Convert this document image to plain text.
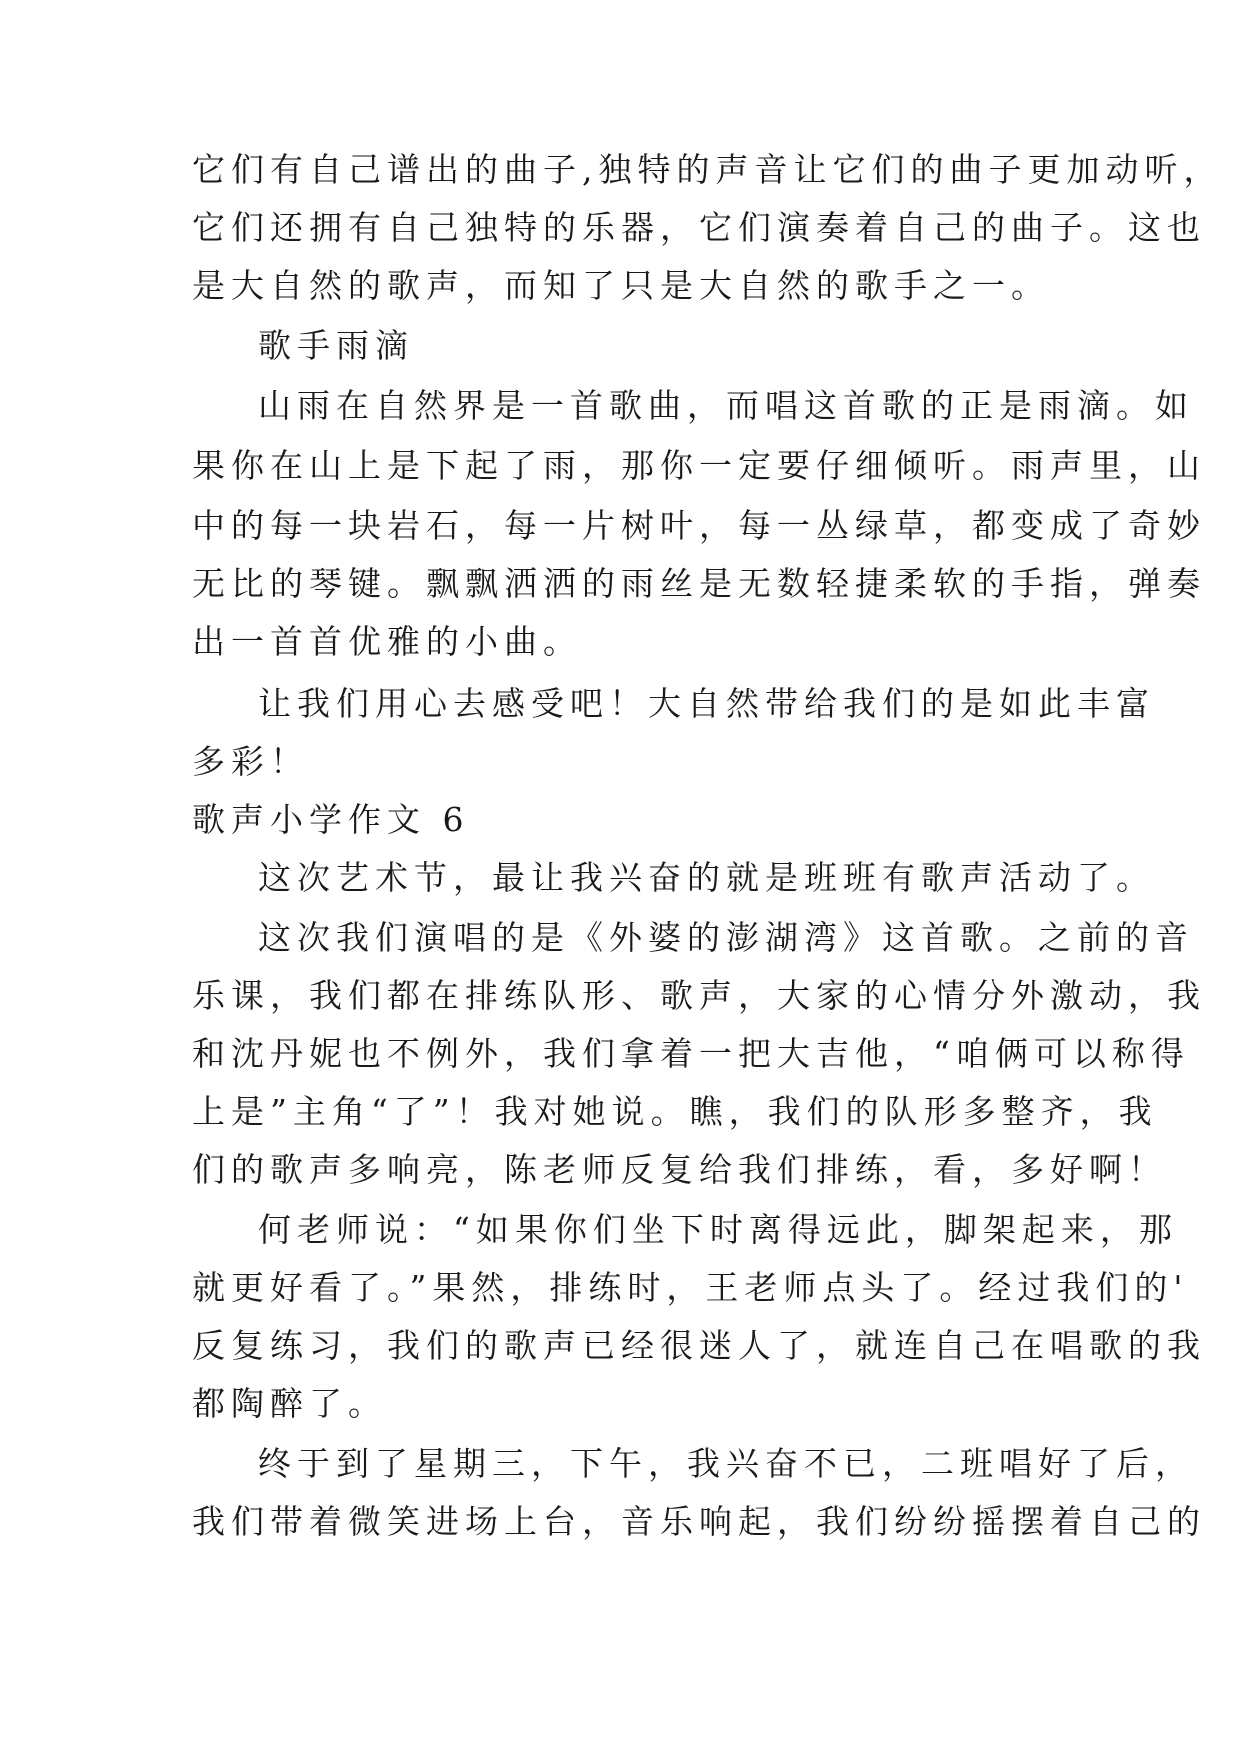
它们有自己谱出的曲子,独特的声音让它们的曲子更加动听，
它们还拥有自己独特的乐器，它们演奏着自己的曲子。这也
是大自然的歌声，而知了只是大自然的歌手之一。
歌手雨滴
山雨在自然界是一首歌曲，而唱这首歌的正是雨滴。如
果你在山上是下起了雨，那你一定要仔细倾听。雨声里，山
中的每一块岩石，每一片树叶，每一丛绿草，都变成了奇妙
无比的琴键。飘飘洒洒的雨丝是无数轻捷柔软的手指，弹奏
出一首首优雅的小曲。
让我们用心去感受吧！大自然带给我们的是如此丰富
多彩！
歌声小学作文 6
这次艺术节，最让我兴奋的就是班班有歌声活动了。
这次我们演唱的是《外婆的澎湖湾》这首歌。之前的音
乐课，我们都在排练队形、歌声，大家的心情分外激动，我
和沈丹妮也不例外，我们拿着一把大吉他，“咱俩可以称得
上是”主角“了”！我对她说。瞧，我们的队形多整齐，我
们的歌声多响亮，陈老师反复给我们排练，看，多好啊！
何老师说：“如果你们坐下时离得远此，脚架起来，那
就更好看了。”果然，排练时，王老师点头了。经过我们的'
反复练习，我们的歌声已经很迷人了，就连自己在唱歌的我
都陶醉了。
终于到了星期三，下午，我兴奋不已，二班唱好了后，
我们带着微笑进场上台，音乐响起，我们纷纷摇摆着自己的
